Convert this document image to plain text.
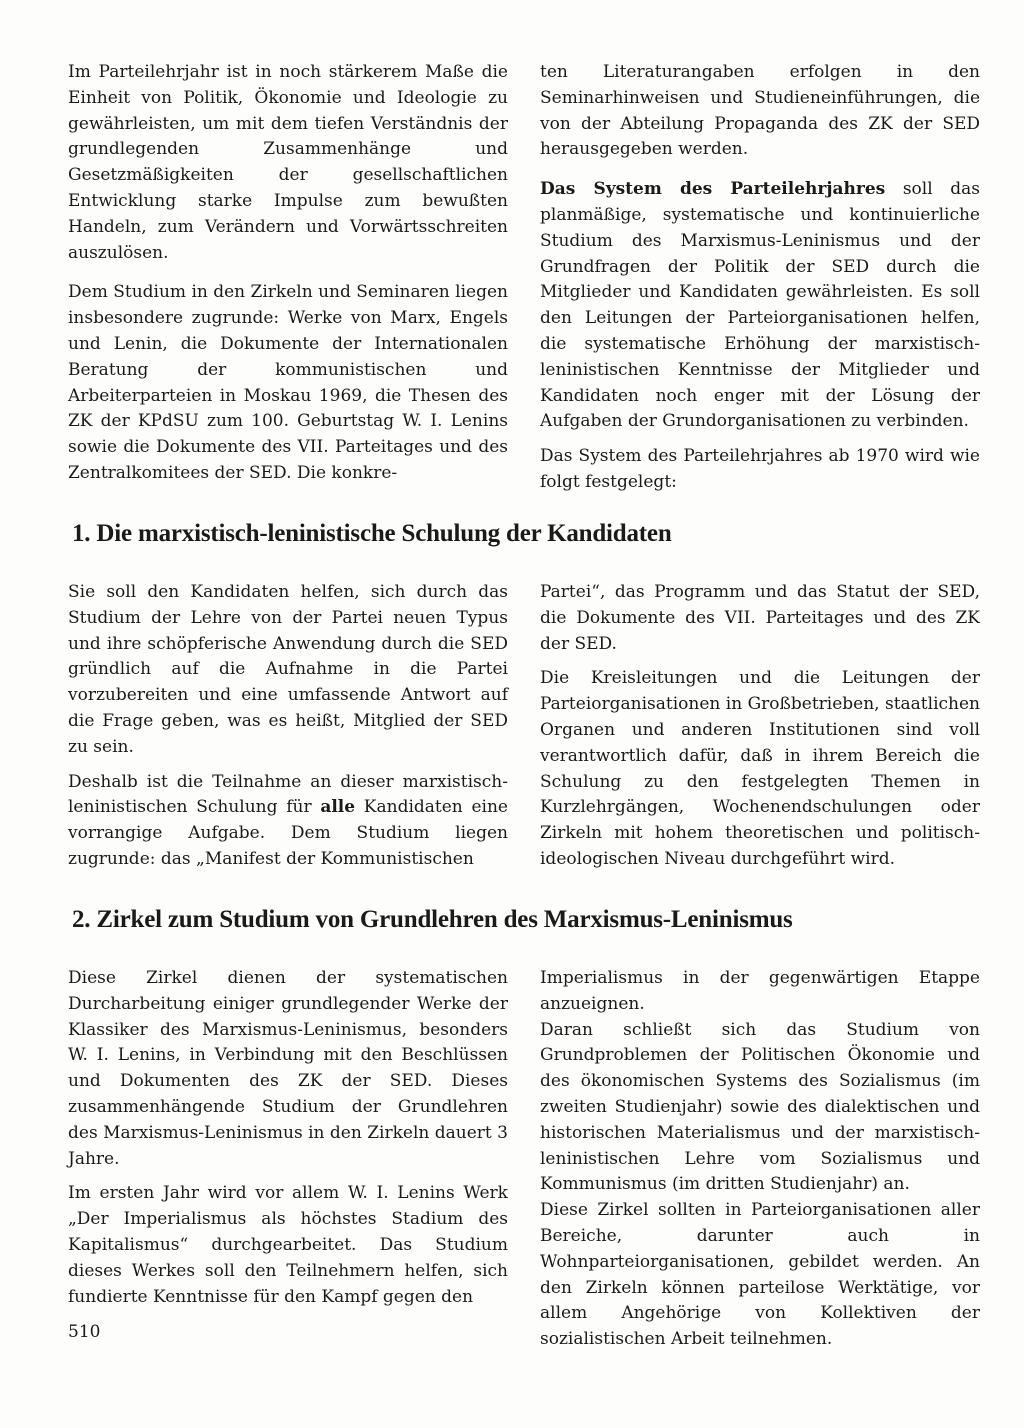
Im Parteilehrjahr ist in noch stärkerem Maße die Einheit von Politik, Ökonomie und Ideologie zu gewährleisten, um mit dem tiefen Verständnis der grundlegenden Zusammenhänge und Gesetzmäßigkeiten der gesellschaftlichen Entwicklung starke Impulse zum bewußten Handeln, zum Verändern und Vorwärtsschreiten auszulösen.

Dem Studium in den Zirkeln und Seminaren liegen insbesondere zugrunde: Werke von Marx, Engels und Lenin, die Dokumente der Internationalen Beratung der kommunistischen und Arbeiterparteien in Moskau 1969, die Thesen des ZK der KPdSU zum 100. Geburtstag W. I. Lenins sowie die Dokumente des VII. Parteitages und des Zentralkomitees der SED. Die konkre-

ten Literaturangaben erfolgen in den Seminarhinweisen und Studieneinführungen, die von der Abteilung Propaganda des ZK der SED herausgegeben werden.

Das System des Parteilehrjahres soll das planmäßige, systematische und kontinuierliche Studium des Marxismus-Leninismus und der Grundfragen der Politik der SED durch die Mitglieder und Kandidaten gewährleisten. Es soll den Leitungen der Parteiorganisationen helfen, die systematische Erhöhung der marxistisch-leninistischen Kenntnisse der Mitglieder und Kandidaten noch enger mit der Lösung der Aufgaben der Grundorganisationen zu verbinden.

Das System des Parteilehrjahres ab 1970 wird wie folgt festgelegt:

1. Die marxistisch-leninistische Schulung der Kandidaten

Sie soll den Kandidaten helfen, sich durch das Studium der Lehre von der Partei neuen Typus und ihre schöpferische Anwendung durch die SED gründlich auf die Aufnahme in die Partei vorzubereiten und eine umfassende Antwort auf die Frage geben, was es heißt, Mitglied der SED zu sein.

Deshalb ist die Teilnahme an dieser marxistisch-leninistischen Schulung für alle Kandidaten eine vorrangige Aufgabe. Dem Studium liegen zugrunde: das „Manifest der Kommunistischen

Partei“, das Programm und das Statut der SED, die Dokumente des VII. Parteitages und des ZK der SED.

Die Kreisleitungen und die Leitungen der Parteiorganisationen in Großbetrieben, staatlichen Organen und anderen Institutionen sind voll verantwortlich dafür, daß in ihrem Bereich die Schulung zu den festgelegten Themen in Kurzlehrgängen, Wochenendschulungen oder Zirkeln mit hohem theoretischen und politisch-ideologischen Niveau durchgeführt wird.

2. Zirkel zum Studium von Grundlehren des Marxismus-Leninismus

Diese Zirkel dienen der systematischen Durcharbeitung einiger grundlegender Werke der Klassiker des Marxismus-Leninismus, besonders W. I. Lenins, in Verbindung mit den Beschlüssen und Dokumenten des ZK der SED. Dieses zusammenhängende Studium der Grundlehren des Marxismus-Leninismus in den Zirkeln dauert 3 Jahre.

Im ersten Jahr wird vor allem W. I. Lenins Werk „Der Imperialismus als höchstes Stadium des Kapitalismus“ durchgearbeitet. Das Studium dieses Werkes soll den Teilnehmern helfen, sich fundierte Kenntnisse für den Kampf gegen den

Imperialismus in der gegenwärtigen Etappe anzueignen.

Daran schließt sich das Studium von Grundproblemen der Politischen Ökonomie und des ökonomischen Systems des Sozialismus (im zweiten Studienjahr) sowie des dialektischen und historischen Materialismus und der marxistisch-leninistischen Lehre vom Sozialismus und Kommunismus (im dritten Studienjahr) an.

Diese Zirkel sollten in Parteiorganisationen aller Bereiche, darunter auch in Wohnparteiorganisationen, gebildet werden. An den Zirkeln können parteilose Werktätige, vor allem Angehörige von Kollektiven der sozialistischen Arbeit teilnehmen.

510
